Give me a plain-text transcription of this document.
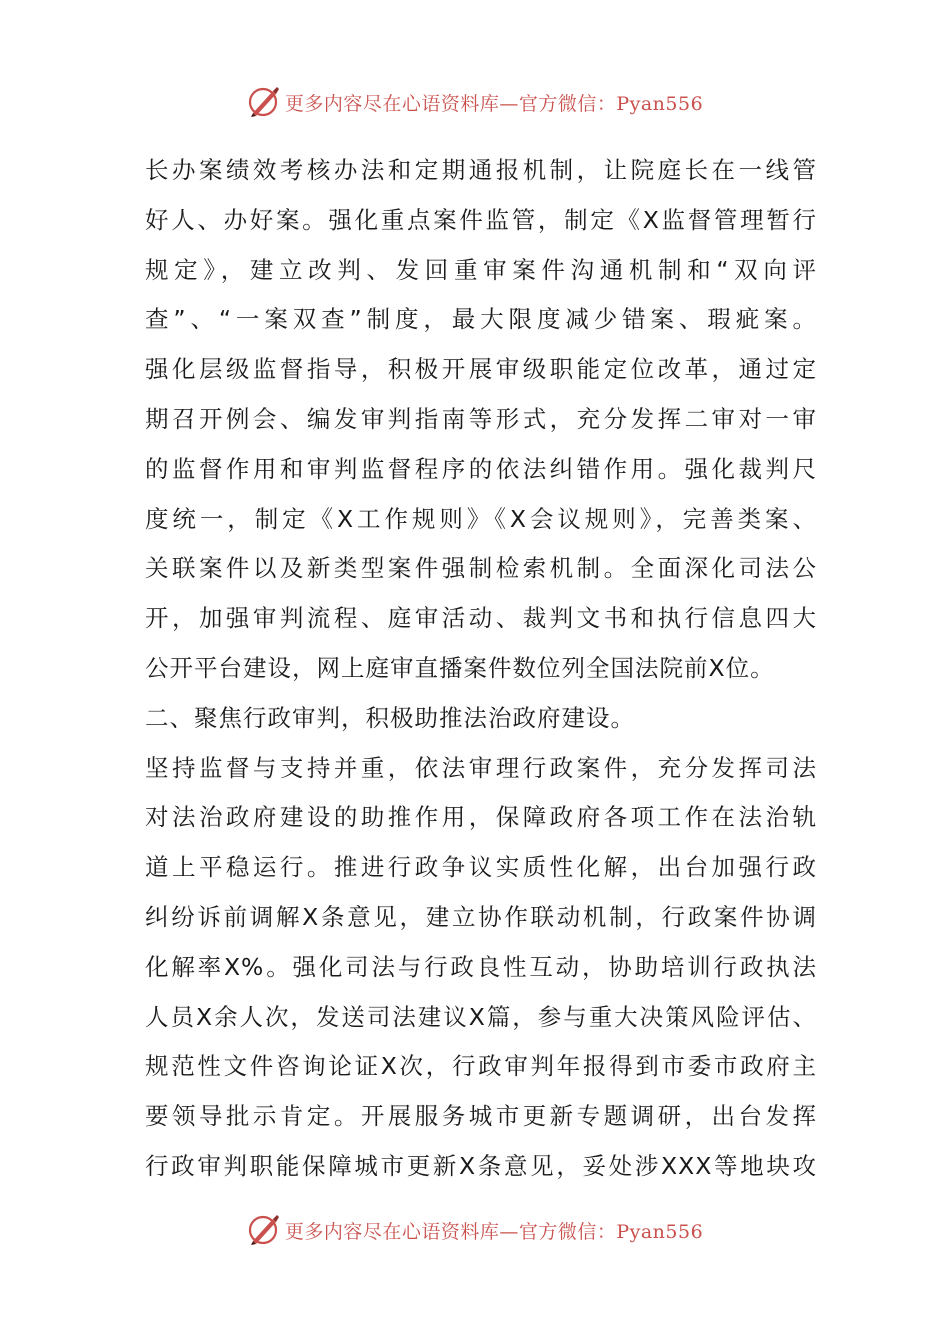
更多内容尽在心语资料库—官方微信：Pyan556
长办案绩效考核办法和定期通报机制，让院庭长在一线管
好人、办好案。强化重点案件监管，制定《X监督管理暂行
规定》，建立改判、发回重审案件沟通机制和“双向评
查”、“一案双查”制度，最大限度减少错案、瑕疵案。
强化层级监督指导，积极开展审级职能定位改革，通过定
期召开例会、编发审判指南等形式，充分发挥二审对一审
的监督作用和审判监督程序的依法纠错作用。强化裁判尺
度统一，制定《X工作规则》《X会议规则》，完善类案、
关联案件以及新类型案件强制检索机制。全面深化司法公
开，加强审判流程、庭审活动、裁判文书和执行信息四大
公开平台建设，网上庭审直播案件数位列全国法院前X位。
二、聚焦行政审判，积极助推法治政府建设。
坚持监督与支持并重，依法审理行政案件，充分发挥司法
对法治政府建设的助推作用，保障政府各项工作在法治轨
道上平稳运行。推进行政争议实质性化解，出台加强行政
纠纷诉前调解X条意见，建立协作联动机制，行政案件协调
化解率X%。强化司法与行政良性互动，协助培训行政执法
人员X余人次，发送司法建议X篇，参与重大决策风险评估、
规范性文件咨询论证X次，行政审判年报得到市委市政府主
要领导批示肯定。开展服务城市更新专题调研，出台发挥
行政审判职能保障城市更新X条意见，妥处涉XXX等地块攻
更多内容尽在心语资料库—官方微信：Pyan556
